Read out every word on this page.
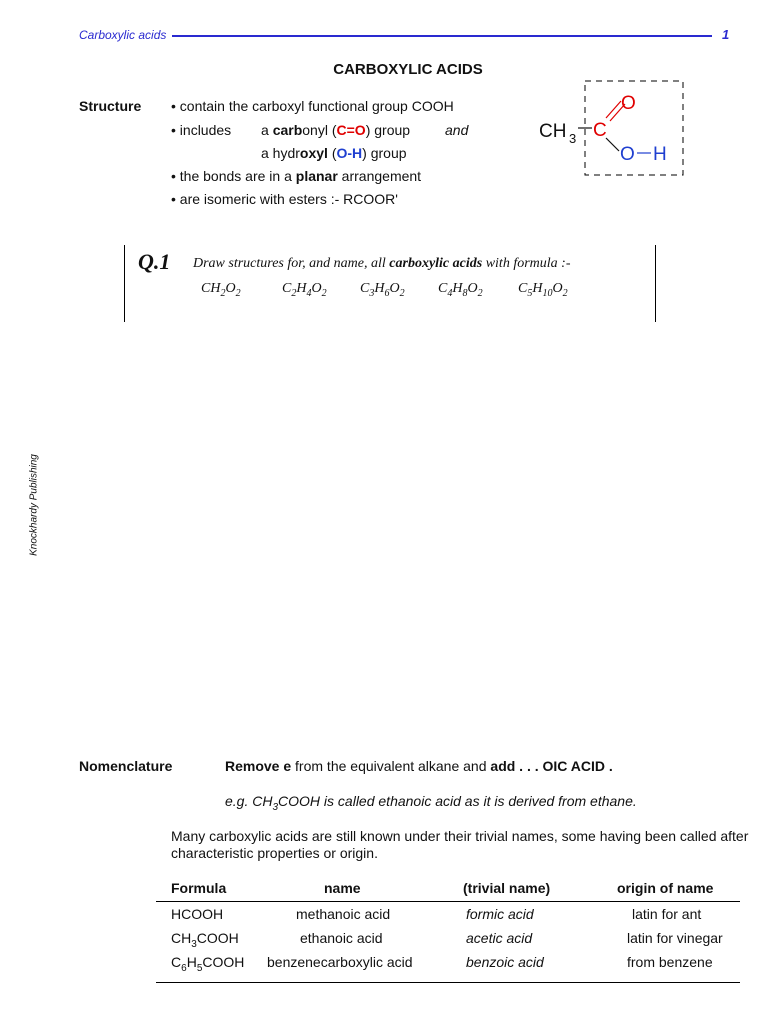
Carboxylic acids	1
CARBOXYLIC ACIDS
Structure • contain the carboxyl functional group COOH
• includes a carbonyl (C=O) group and
a hydroxyl (O-H) group
• the bonds are in a planar arrangement
• are isomeric with esters :- RCOOR'
CH 3 C
O
O H
Q.1 Draw structures for, and name, all carboxylic acids with formula :-
$CH_2O_2$	$C_2H_4O_2$ $C_3H_6O_2$ $C_4H_8O_2$	$C_5H_{10}O_2$
Knockhardy Publishing
Nomenclature	Remove e from the equivalent alkane and add . . . OIC ACID .
e.g. $CH_3COOH$ is called ethanoic acid as it is derived from ethane.
Many carboxylic acids are still known under their trivial names, some having been called after characteristic properties or origin.
Formula	name	(trivial name)	origin of name
HCOOH	methanoic acid	formic acid	latin for ant
$CH_3COOH$	ethanoic acid	acetic acid	latin for vinegar
$C_6H_5COOH$ benzenecarboxylic acid	benzoic acid	from benzene
